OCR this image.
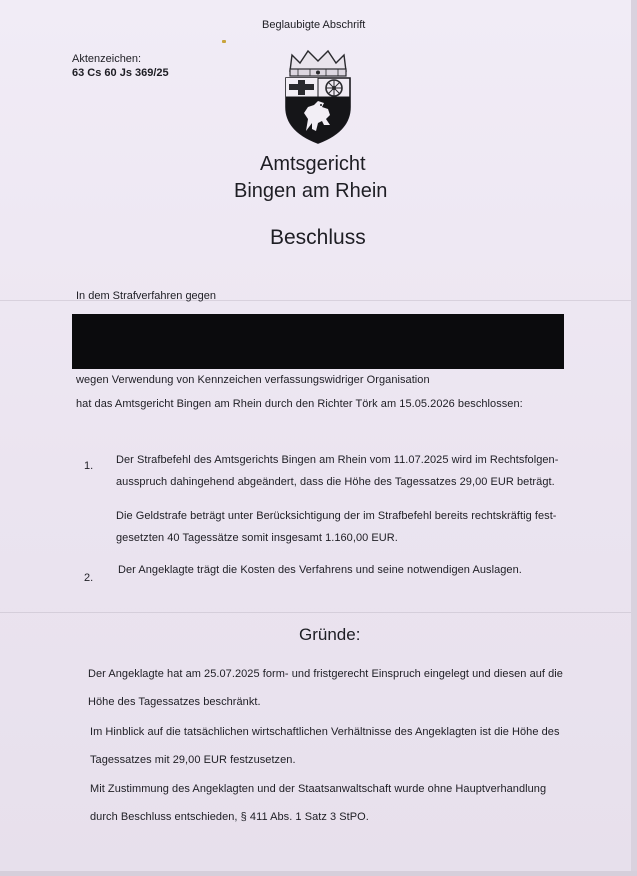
Beglaubigte Abschrift
Aktenzeichen:
63 Cs 60 Js 369/25
Amtsgericht
Bingen am Rhein
Beschluss
In dem Strafverfahren gegen
wegen Verwendung von Kennzeichen verfassungswidriger Organisation
hat das Amtsgericht Bingen am Rhein durch den Richter Törk am 15.05.2026 beschlossen:
1. Der Strafbefehl des Amtsgerichts Bingen am Rhein vom 11.07.2025 wird im Rechtsfolgen-
ausspruch dahingehend abgeändert, dass die Höhe des Tagessatzes 29,00 EUR beträgt.
Die Geldstrafe beträgt unter Berücksichtigung der im Strafbefehl bereits rechtskräftig fest-
gesetzten 40 Tagessätze somit insgesamt 1.160,00 EUR.
2.
Der Angeklagte trägt die Kosten des Verfahrens und seine notwendigen Auslagen.
Gründe:
Der Angeklagte hat am 25.07.2025 form- und fristgerecht Einspruch eingelegt und diesen auf die
Höhe des Tagessatzes beschränkt.
Im Hinblick auf die tatsächlichen wirtschaftlichen Verhältnisse des Angeklagten ist die Höhe des
Tagessatzes mit 29,00 EUR festzusetzen.
Mit Zustimmung des Angeklagten und der Staatsanwaltschaft wurde ohne Hauptverhandlung
durch Beschluss entschieden, § 411 Abs. 1 Satz 3 StPO.
